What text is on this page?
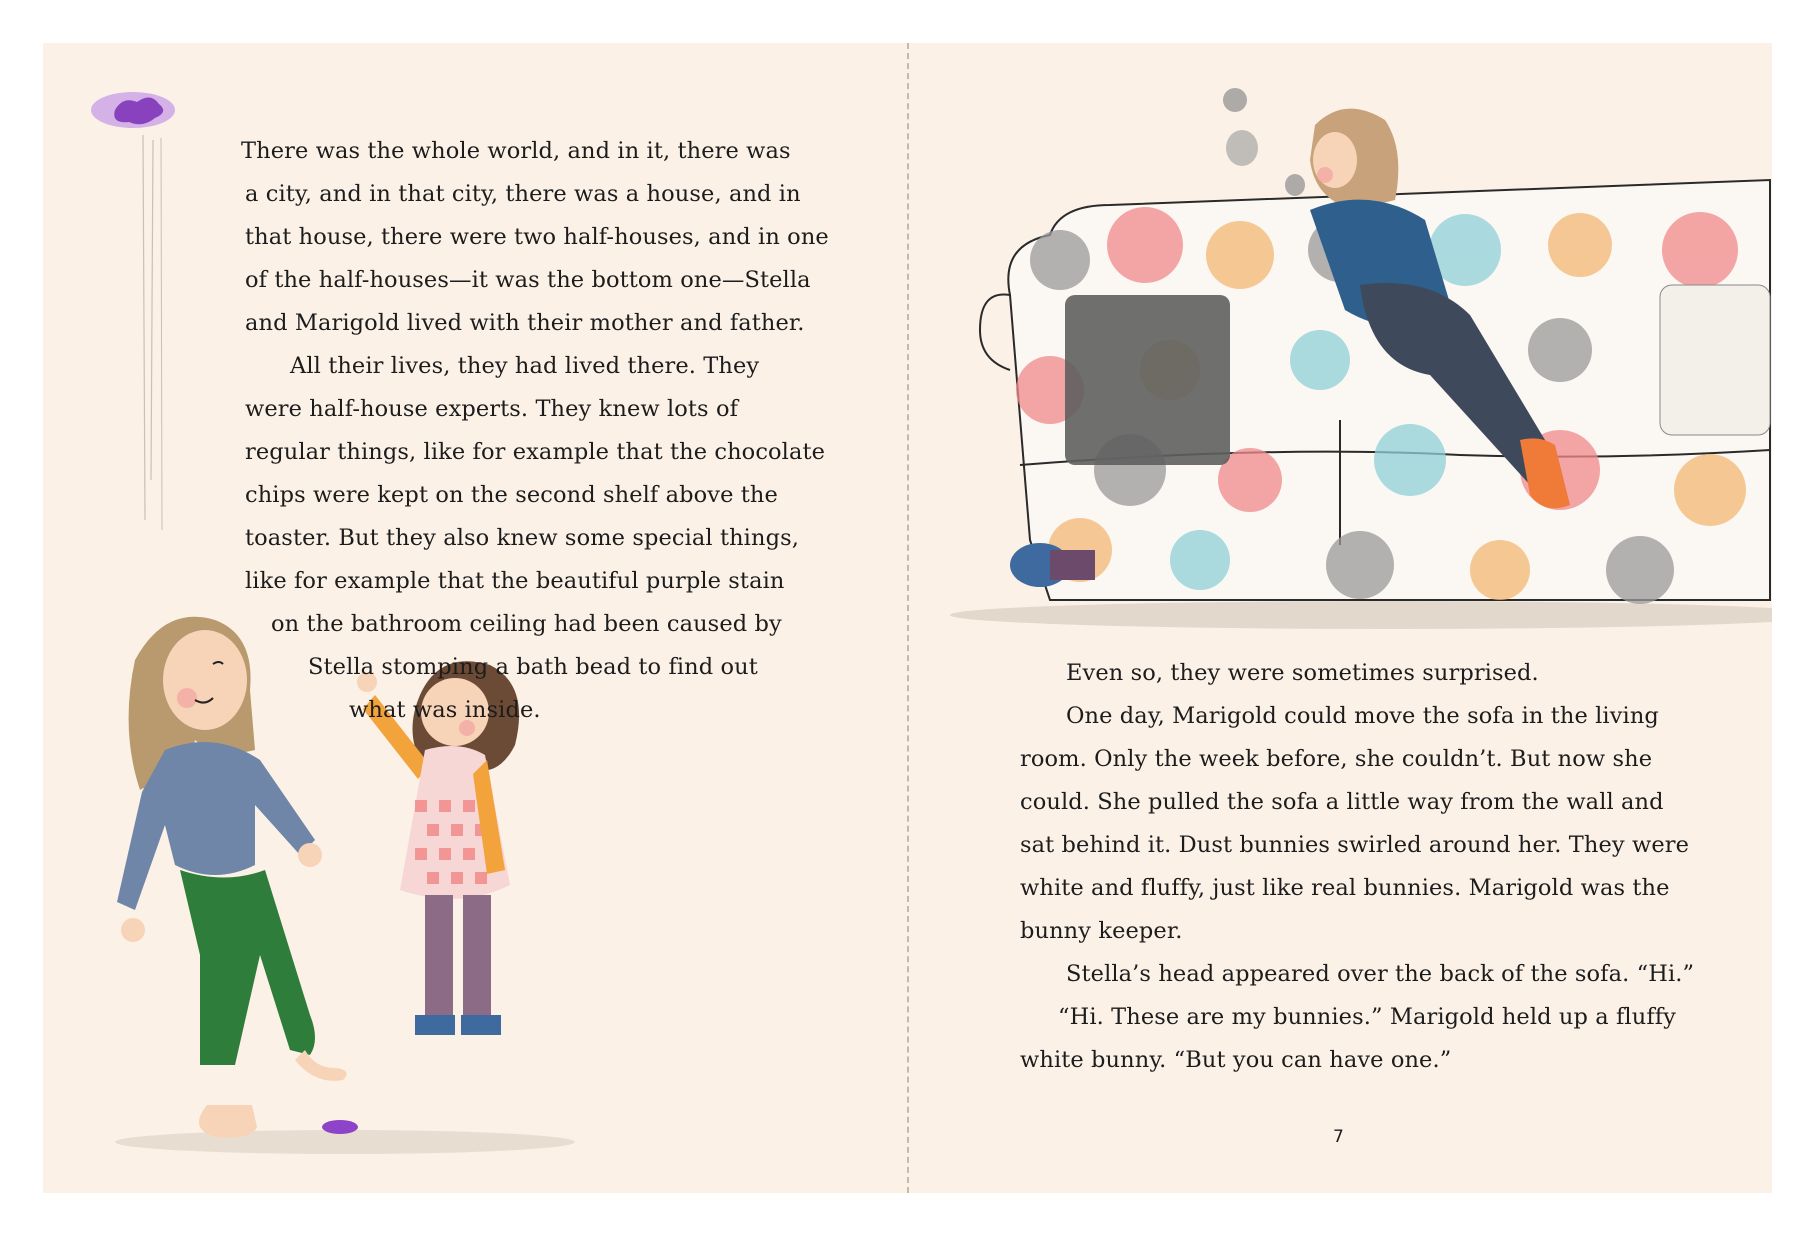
There was the whole world, and in it, there was
a city, and in that city, there was a house, and in
that house, there were two half-houses, and in one
of the half-houses—it was the bottom one—Stella
and Marigold lived with their mother and father.
All their lives, they had lived there. They
were half-house experts. They knew lots of
regular things, like for example that the chocolate
chips were kept on the second shelf above the
toaster. But they also knew some special things,
like for example that the beautiful purple stain
on the bathroom ceiling had been caused by
Stella stomping a bath bead to find out
what was inside.
Even so, they were sometimes surprised.
One day, Marigold could move the sofa in the living
room. Only the week before, she couldn’t. But now she
could. She pulled the sofa a little way from the wall and
sat behind it. Dust bunnies swirled around her. They were
white and fluffy, just like real bunnies. Marigold was the
bunny keeper.
Stella’s head appeared over the back of the sofa. “Hi.”
“Hi. These are my bunnies.” Marigold held up a fluffy
white bunny. “But you can have one.”
7
